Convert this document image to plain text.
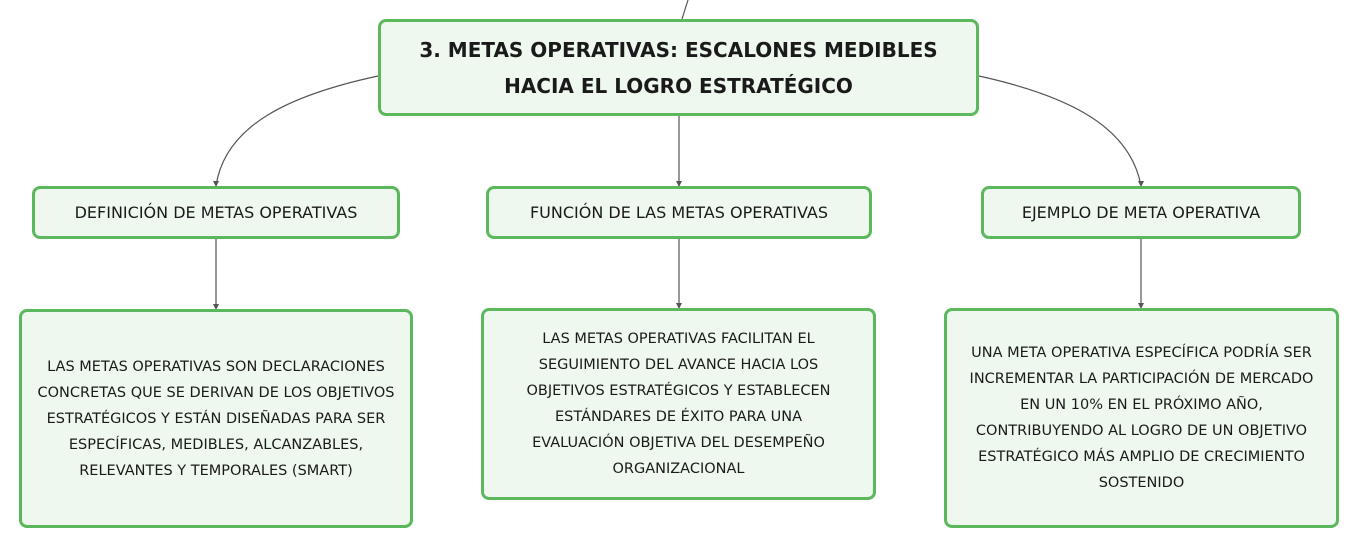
3. METAS OPERATIVAS: ESCALONES MEDIBLES HACIA EL LOGRO ESTRATÉGICO
DEFINICIÓN DE METAS OPERATIVAS	FUNCIÓN DE LAS METAS OPERATIVAS	EJEMPLO DE META OPERATIVA
LAS METAS OPERATIVAS SON DECLARACIONES CONCRETAS QUE SE DERIVAN DE LOS OBJETIVOS ESTRATÉGICOS Y ESTÁN DISEÑADAS PARA SER ESPECÍFICAS, MEDIBLES, ALCANZABLES, RELEVANTES Y TEMPORALES (SMART)
LAS METAS OPERATIVAS FACILITAN EL SEGUIMIENTO DEL AVANCE HACIA LOS OBJETIVOS ESTRATÉGICOS Y ESTABLECEN ESTÁNDARES DE ÉXITO PARA UNA EVALUACIÓN OBJETIVA DEL DESEMPEÑO ORGANIZACIONAL
UNA META OPERATIVA ESPECÍFICA PODRÍA SER INCREMENTAR LA PARTICIPACIÓN DE MERCADO EN UN 10% EN EL PRÓXIMO AÑO, CONTRIBUYENDO AL LOGRO DE UN OBJETIVO ESTRATÉGICO MÁS AMPLIO DE CRECIMIENTO SOSTENIDO
